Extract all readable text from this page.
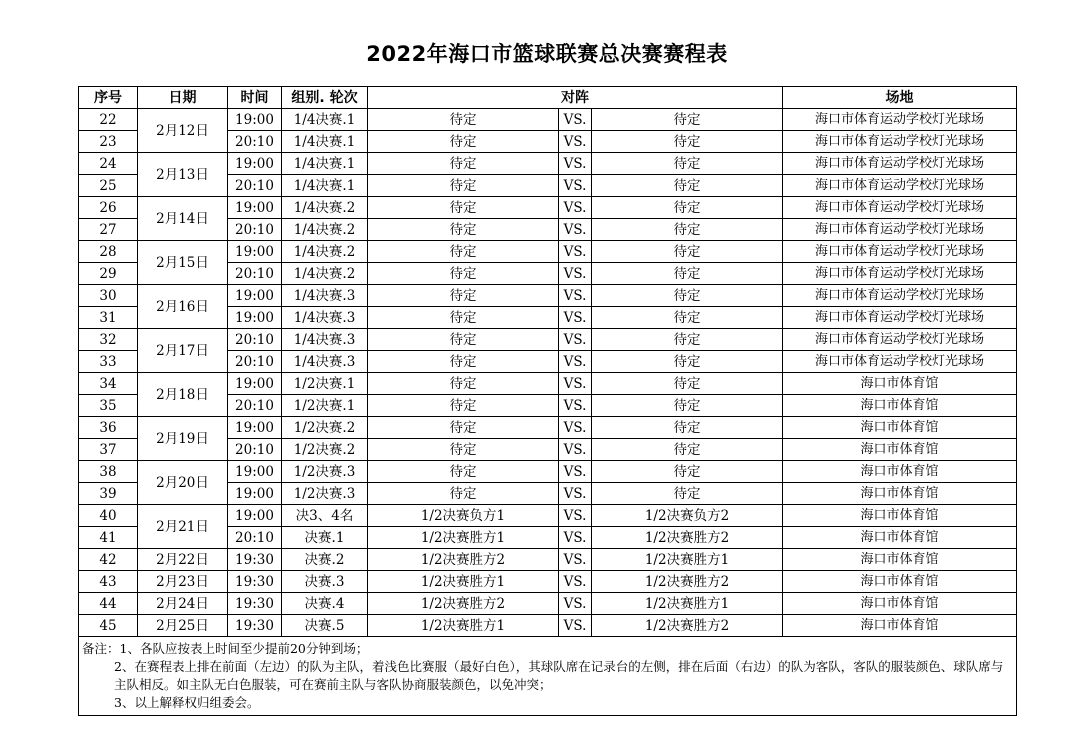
2022年海口市篮球联赛总决赛赛程表
序号	日期	时间	组别. 轮次	对阵			场地
22	2月12日	19:00	1/4决赛.1	待定	VS.	待定	海口市体育运动学校灯光球场
23		20:10	1/4决赛.1	待定	VS.	待定	海口市体育运动学校灯光球场
24	2月13日	19:00	1/4决赛.1	待定	VS.	待定	海口市体育运动学校灯光球场
25		20:10	1/4决赛.1	待定	VS.	待定	海口市体育运动学校灯光球场
26	2月14日	19:00	1/4决赛.2	待定	VS.	待定	海口市体育运动学校灯光球场
27		20:10	1/4决赛.2	待定	VS.	待定	海口市体育运动学校灯光球场
28	2月15日	19:00	1/4决赛.2	待定	VS.	待定	海口市体育运动学校灯光球场
29		20:10	1/4决赛.2	待定	VS.	待定	海口市体育运动学校灯光球场
30	2月16日	19:00	1/4决赛.3	待定	VS.	待定	海口市体育运动学校灯光球场
31		19:00	1/4决赛.3	待定	VS.	待定	海口市体育运动学校灯光球场
32	2月17日	20:10	1/4决赛.3	待定	VS.	待定	海口市体育运动学校灯光球场
33		20:10	1/4决赛.3	待定	VS.	待定	海口市体育运动学校灯光球场
34	2月18日	19:00	1/2决赛.1	待定	VS.	待定	海口市体育馆
35		20:10	1/2决赛.1	待定	VS.	待定	海口市体育馆
36	2月19日	19:00	1/2决赛.2	待定	VS.	待定	海口市体育馆
37		20:10	1/2决赛.2	待定	VS.	待定	海口市体育馆
38	2月20日	19:00	1/2决赛.3	待定	VS.	待定	海口市体育馆
39		19:00	1/2决赛.3	待定	VS.	待定	海口市体育馆
40	2月21日	19:00	决3、4名	1/2决赛负方1	VS.	1/2决赛负方2	海口市体育馆
41		20:10	决赛.1	1/2决赛胜方1	VS.	1/2决赛胜方2	海口市体育馆
42	2月22日	19:30	决赛.2	1/2决赛胜方2	VS.	1/2决赛胜方1	海口市体育馆
43	2月23日	19:30	决赛.3	1/2决赛胜方1	VS.	1/2决赛胜方2	海口市体育馆
44	2月24日	19:30	决赛.4	1/2决赛胜方2	VS.	1/2决赛胜方1	海口市体育馆
45	2月25日	19:30	决赛.5	1/2决赛胜方1	VS.	1/2决赛胜方2	海口市体育馆

备注：1、各队应按表上时间至少提前20分钟到场；
2、在赛程表上排在前面（左边）的队为主队，着浅色比赛服（最好白色），其球队席在记录台的左侧，排在后面（右边）的队为客队，客队的服装颜色、球队席与主队相反。如主队无白色服装，可在赛前主队与客队协商服装颜色，以免冲突；
3、以上解释权归组委会。							
